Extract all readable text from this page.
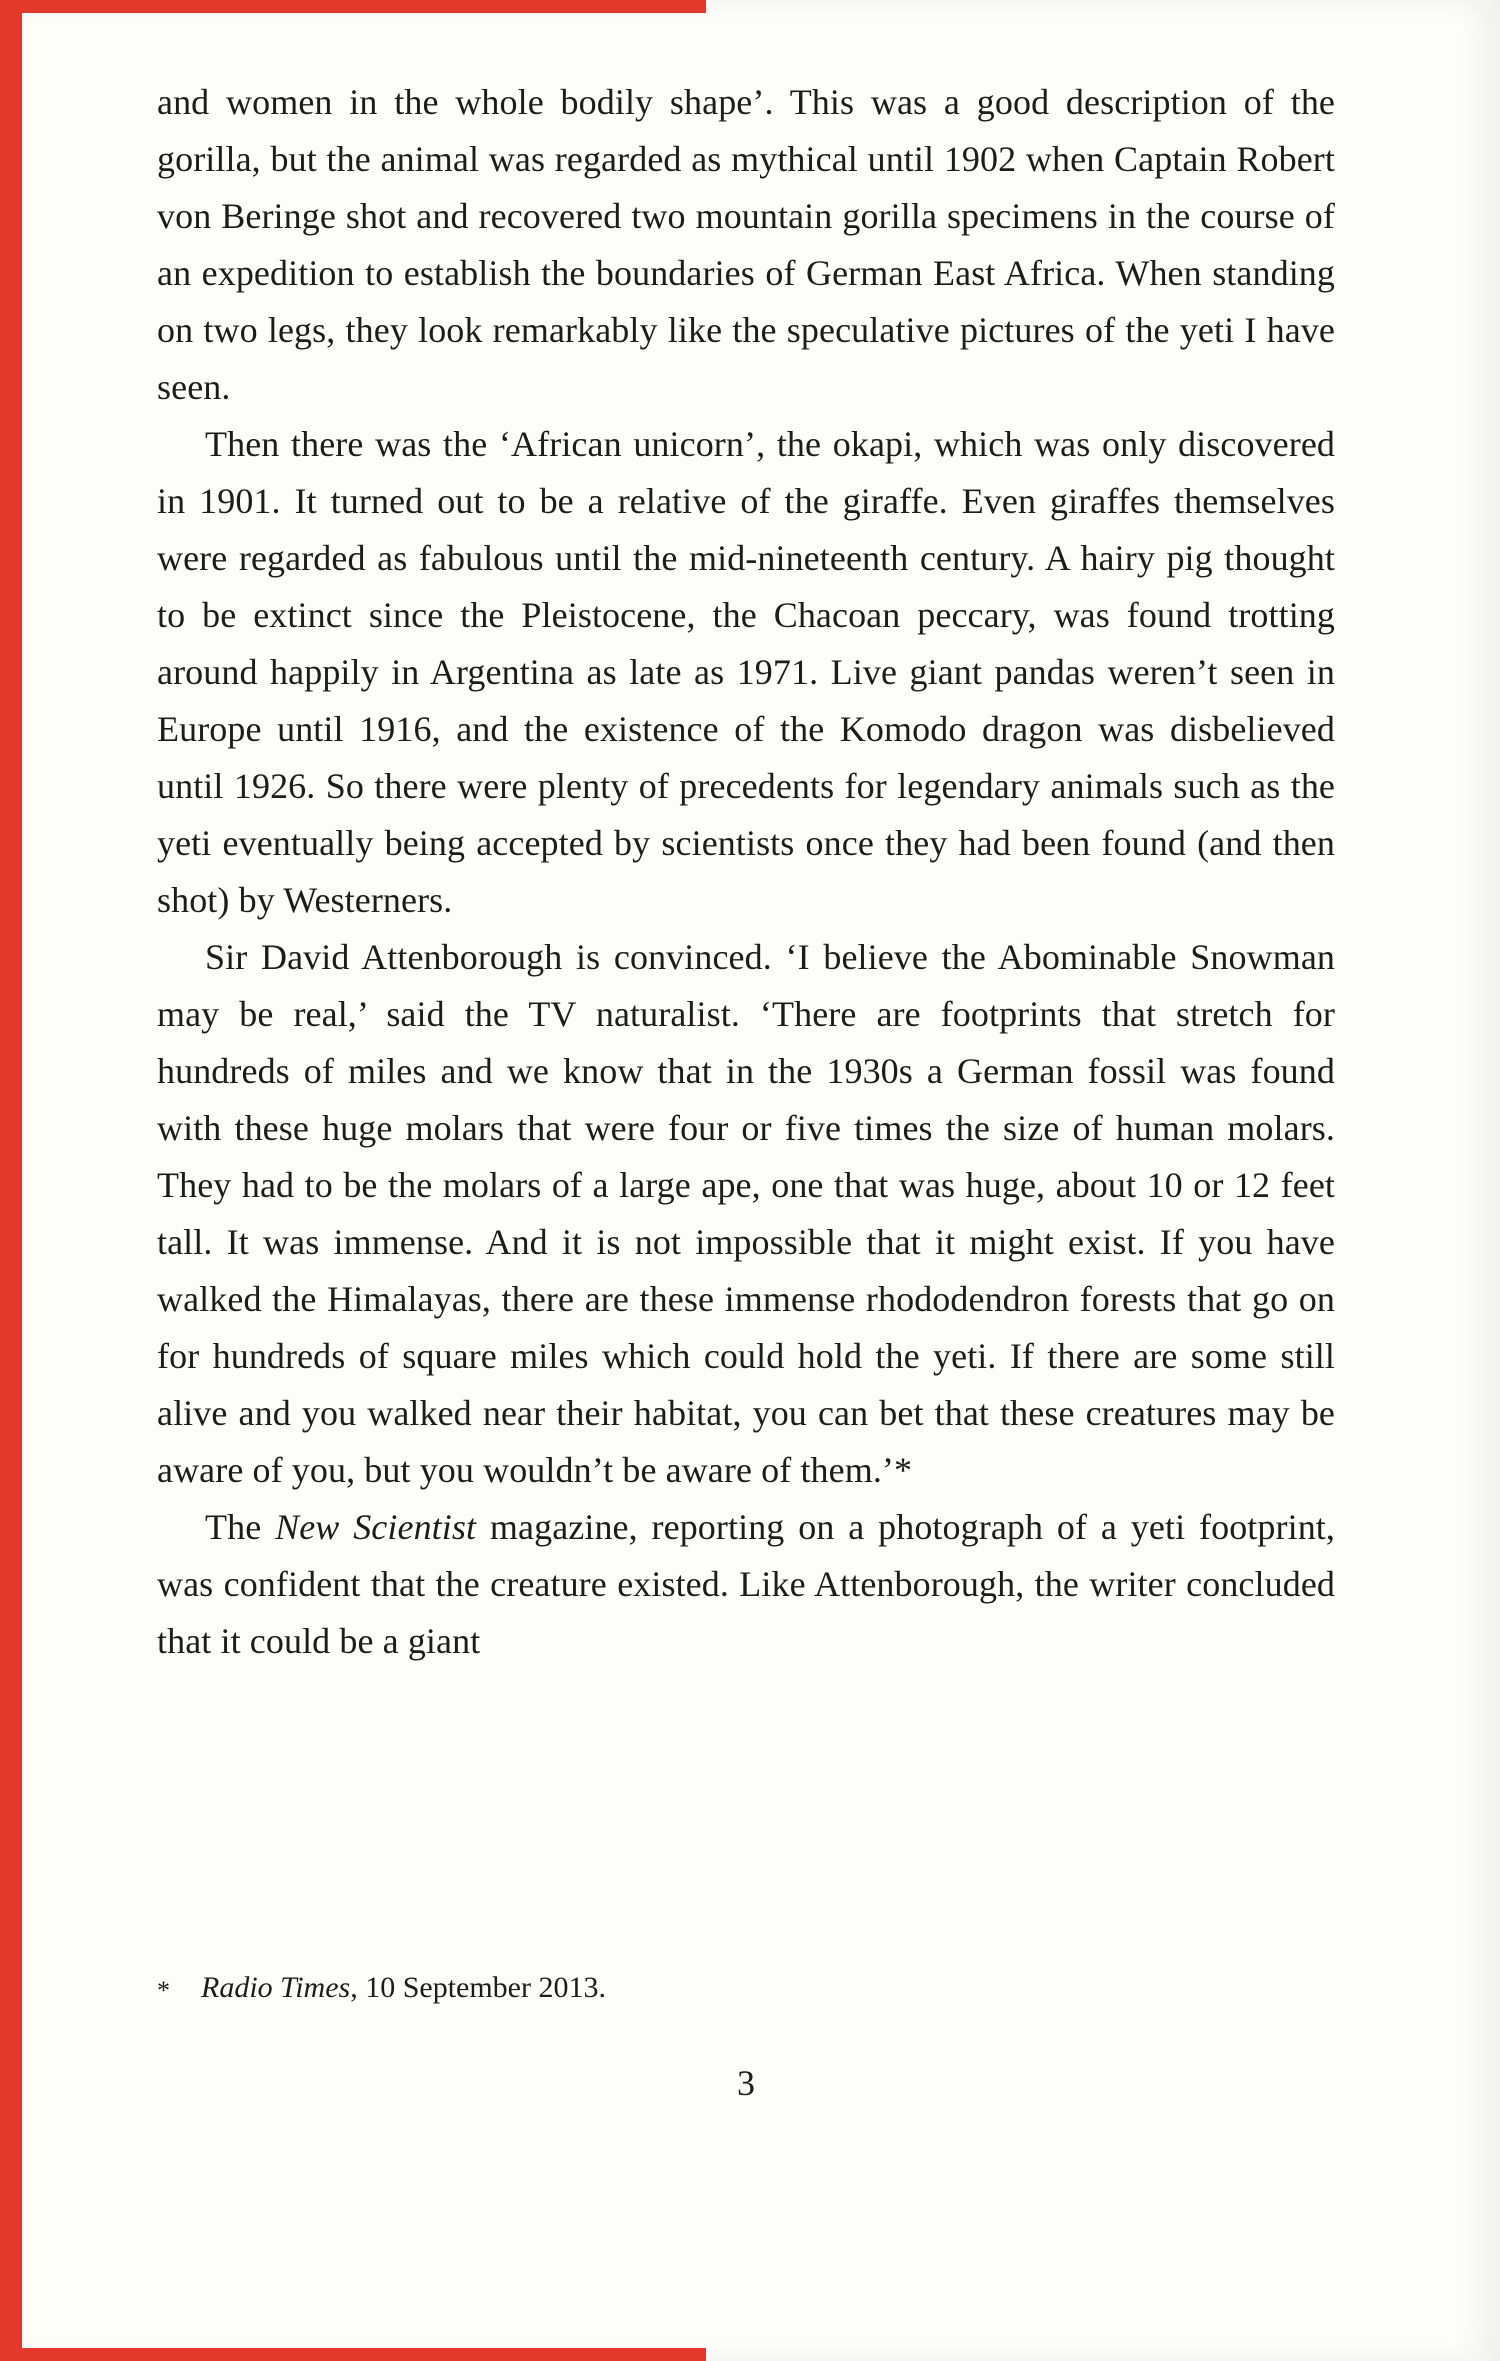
and women in the whole bodily shape’. This was a good description of the gorilla, but the animal was regarded as mythical until 1902 when Captain Robert von Beringe shot and recovered two mountain gorilla specimens in the course of an expedition to establish the boundaries of German East Africa. When standing on two legs, they look remarkably like the speculative pictures of the yeti I have seen.

Then there was the ‘African unicorn’, the okapi, which was only discovered in 1901. It turned out to be a relative of the giraffe. Even giraffes themselves were regarded as fabulous until the mid-nineteenth century. A hairy pig thought to be extinct since the Pleistocene, the Chacoan peccary, was found trotting around happily in Argentina as late as 1971. Live giant pandas weren’t seen in Europe until 1916, and the existence of the Komodo dragon was disbelieved until 1926. So there were plenty of precedents for legendary animals such as the yeti eventually being accepted by scientists once they had been found (and then shot) by Westerners.

Sir David Attenborough is convinced. ‘I believe the Abominable Snowman may be real,’ said the TV naturalist. ‘There are footprints that stretch for hundreds of miles and we know that in the 1930s a German fossil was found with these huge molars that were four or five times the size of human molars. They had to be the molars of a large ape, one that was huge, about 10 or 12 feet tall. It was immense. And it is not impossible that it might exist. If you have walked the Himalayas, there are these immense rhododendron forests that go on for hundreds of square miles which could hold the yeti. If there are some still alive and you walked near their habitat, you can bet that these creatures may be aware of you, but you wouldn’t be aware of them.’*

The New Scientist magazine, reporting on a photograph of a yeti footprint, was confident that the creature existed. Like Attenborough, the writer concluded that it could be a giant

* Radio Times, 10 September 2013.
3
